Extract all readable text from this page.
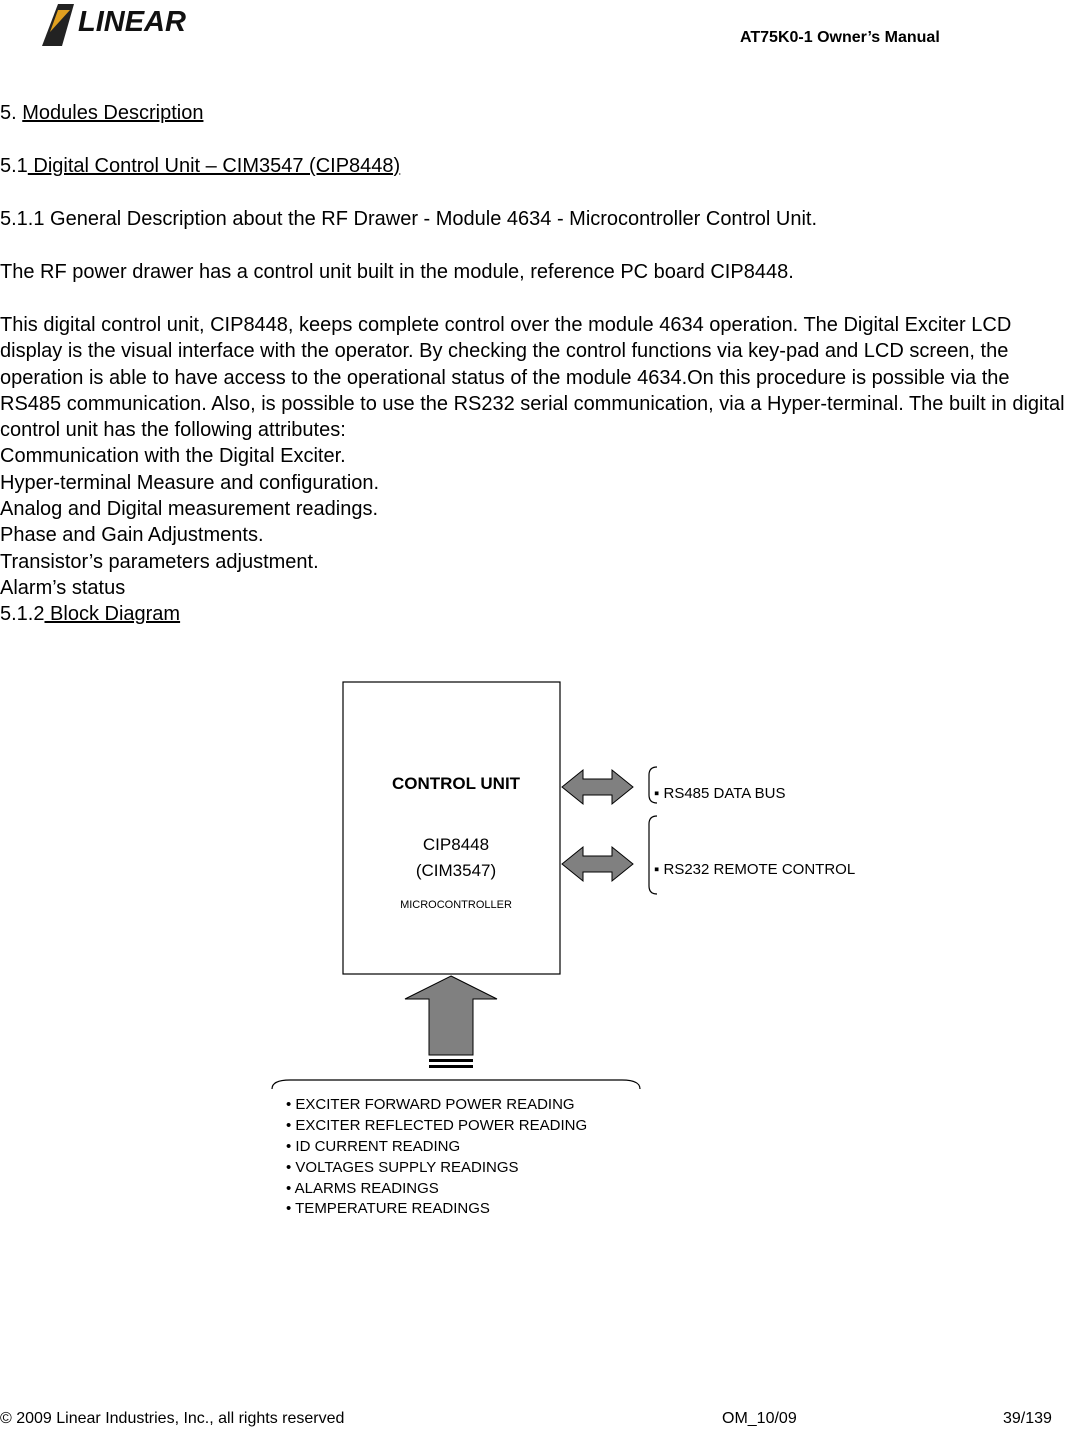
LINEAR	AT75K0-1 Owner’s Manual
5. Modules Description
5.1 Digital Control Unit – CIM3547 (CIP8448)
5.1.1 General Description about the RF Drawer - Module 4634 - Microcontroller Control Unit.
The RF power drawer has a control unit built in the module, reference PC board CIP8448.

This digital control unit, CIP8448, keeps complete control over the module 4634 operation. The Digital Exciter LCD display is the visual interface with the operator. By checking the control functions via key-pad and LCD screen, the operation is able to have access to the operational status of the module 4634.On this procedure is possible via the RS485 communication. Also, is possible to use the RS232 serial communication, via a Hyper-terminal. The built in digital control unit has the following attributes:

Communication with the Digital Exciter.

Hyper-terminal Measure and configuration.

Analog and Digital measurement readings.

Phase and Gain Adjustments.

Transistor’s parameters adjustment.

Alarm’s status

5.1.2 Block Diagram

CONTROL UNIT
CIP8448
(CIM3547)
MICROCONTROLLER
▪ RS485 DATA BUS
▪ RS232 REMOTE CONTROL
• EXCITER FORWARD POWER READING
• EXCITER REFLECTED POWER READING
• ID CURRENT READING
• VOLTAGES SUPPLY READINGS
• ALARMS READINGS
• TEMPERATURE READINGS
© 2009 Linear Industries, Inc., all rights reserved	OM_10/09	39/139
